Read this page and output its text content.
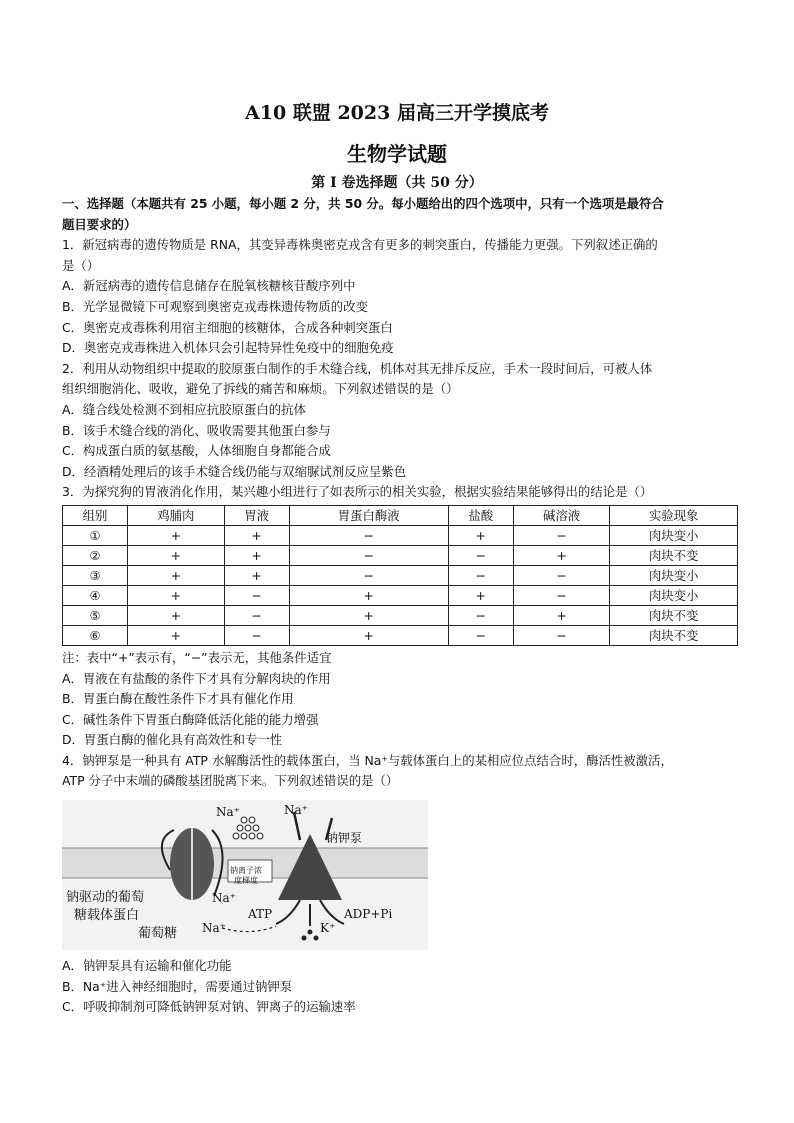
A10 联盟 2023 届高三开学摸底考
生物学试题
第 I 卷选择题（共 50 分）

一、选择题（本题共有 25 小题，每小题 2 分，共 50 分。每小题给出的四个选项中，只有一个选项是最符合

题目要求的）

1．新冠病毒的遗传物质是 RNA，其变异毒株奥密克戎含有更多的刺突蛋白，传播能力更强。下列叙述正确的

是（）

A．新冠病毒的遗传信息储存在脱氧核糖核苷酸序列中

B．光学显微镜下可观察到奥密克戎毒株遗传物质的改变

C．奥密克戎毒株利用宿主细胞的核糖体，合成各种刺突蛋白

D．奥密克戎毒株进入机体只会引起特异性免疫中的细胞免疫

2．利用从动物组织中提取的胶原蛋白制作的手术缝合线，机体对其无排斥反应，手术一段时间后，可被人体

组织细胞消化、吸收，避免了拆线的痛苦和麻烦。下列叙述错误的是（）

A．缝合线处检测不到相应抗胶原蛋白的抗体

B．该手术缝合线的消化、吸收需要其他蛋白参与

C．构成蛋白质的氨基酸，人体细胞自身都能合成

D．经酒精处理后的该手术缝合线仍能与双缩脲试剂反应呈紫色

3．为探究狗的胃液消化作用，某兴趣小组进行了如表所示的相关实验，根据实验结果能够得出的结论是（）

组别	鸡脯肉	胃液	胃蛋白酶液	盐酸	碱溶液	实验现象
①	+	+	−	+	−	肉块变小
②	+	+	−	−	+	肉块不变
③	+	+	−	−	−	肉块变小
④	+	−	+	+	−	肉块变小
⑤	+	−	+	−	+	肉块不变
⑥	+	−	+	−	−	肉块不变

注：表中“+”表示有，“−”表示无，其他条件适宜

A．胃液在有盐酸的条件下才具有分解肉块的作用

B．胃蛋白酶在酸性条件下才具有催化作用

C．碱性条件下胃蛋白酶降低活化能的能力增强

D．胃蛋白酶的催化具有高效性和专一性

4．钠钾泵是一种具有 ATP 水解酶活性的载体蛋白，当 Na⁺与载体蛋白上的某相应位点结合时，酶活性被激活，

ATP 分子中末端的磷酸基团脱离下来。下列叙述错误的是（）

Na⁺	Na⁺
钠钾泵
钠离子浓
度梯度
钠驱动的葡萄
糖载体蛋白
Na⁺
ATP	ADP+Pi
葡萄糖 Na⁺	K⁺

A．钠钾泵具有运输和催化功能

B．Na⁺进入神经细胞时，需要通过钠钾泵

C．呼吸抑制剂可降低钠钾泵对钠、钾离子的运输速率
